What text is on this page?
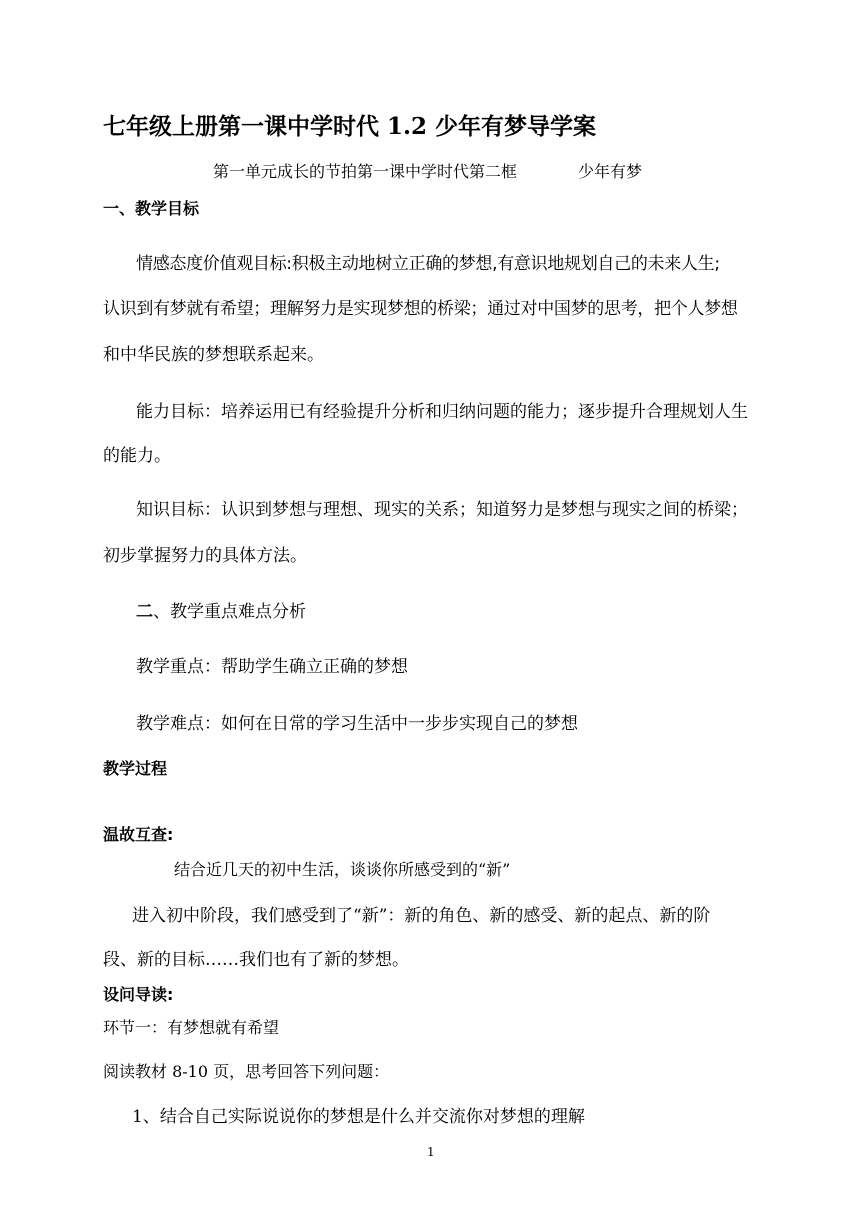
七年级上册第一课中学时代 1.2 少年有梦导学案
第一单元成长的节拍第一课中学时代第二框	少年有梦
一、教学目标
情感态度价值观目标:积极主动地树立正确的梦想,有意识地规划自己的未来人生;
认识到有梦就有希望；理解努力是实现梦想的桥梁；通过对中国梦的思考，把个人梦想
和中华民族的梦想联系起来。
能力目标：培养运用已有经验提升分析和归纳问题的能力；逐步提升合理规划人生
的能力。
知识目标：认识到梦想与理想、现实的关系；知道努力是梦想与现实之间的桥梁；
初步掌握努力的具体方法。
二、教学重点难点分析
教学重点：帮助学生确立正确的梦想
教学难点：如何在日常的学习生活中一步步实现自己的梦想
教学过程
温故互查:
结合近几天的初中生活，谈谈你所感受到的“新”
进入初中阶段，我们感受到了“新”：新的角色、新的感受、新的起点、新的阶
段、新的目标……我们也有了新的梦想。
设问导读:
环节一：有梦想就有希望
阅读教材 8-10 页，思考回答下列问题：
1、结合自己实际说说你的梦想是什么并交流你对梦想的理解
1
